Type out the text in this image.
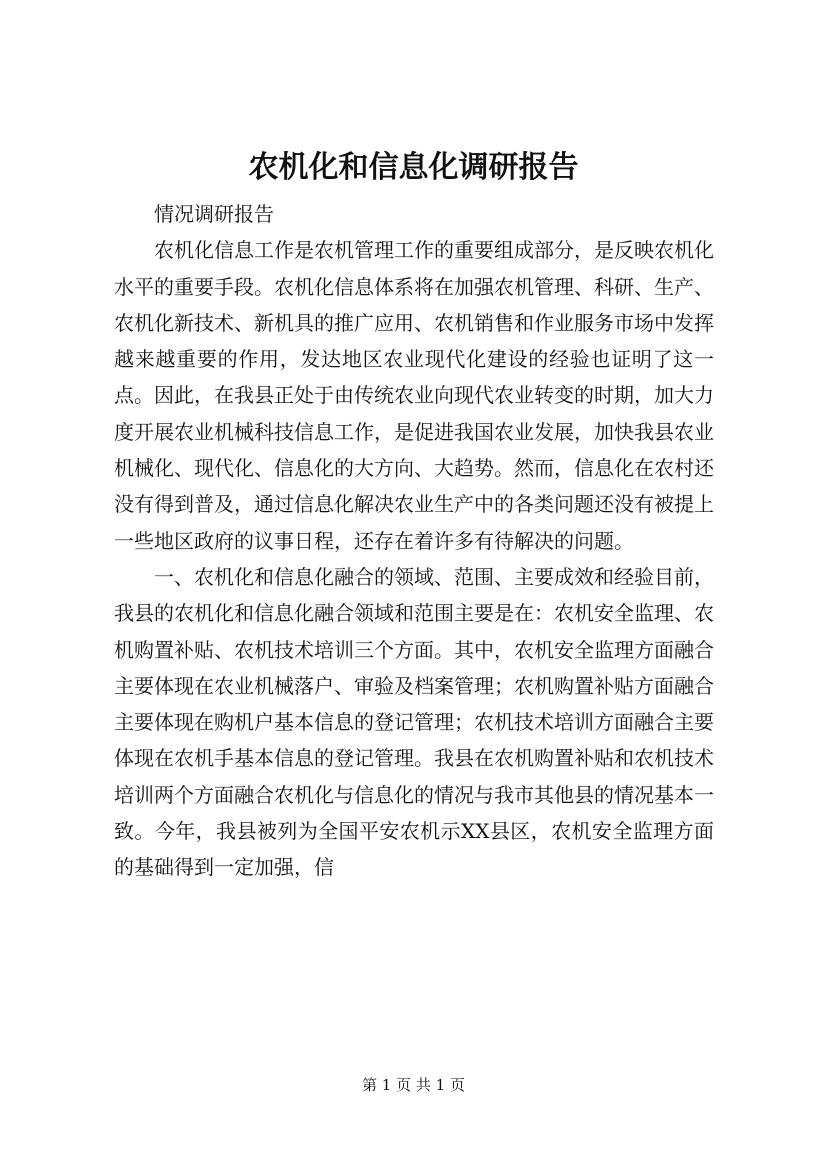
农机化和信息化调研报告

情况调研报告

农机化信息工作是农机管理工作的重要组成部分，是反映农机化水平的重要手段。农机化信息体系将在加强农机管理、科研、生产、农机化新技术、新机具的推广应用、农机销售和作业服务市场中发挥越来越重要的作用，发达地区农业现代化建设的经验也证明了这一点。因此，在我县正处于由传统农业向现代农业转变的时期，加大力度开展农业机械科技信息工作，是促进我国农业发展，加快我县农业机械化、现代化、信息化的大方向、大趋势。然而，信息化在农村还没有得到普及，通过信息化解决农业生产中的各类问题还没有被提上一些地区政府的议事日程，还存在着许多有待解决的问题。

一、农机化和信息化融合的领域、范围、主要成效和经验目前，我县的农机化和信息化融合领域和范围主要是在：农机安全监理、农机购置补贴、农机技术培训三个方面。其中，农机安全监理方面融合主要体现在农业机械落户、审验及档案管理；农机购置补贴方面融合主要体现在购机户基本信息的登记管理；农机技术培训方面融合主要体现在农机手基本信息的登记管理。我县在农机购置补贴和农机技术培训两个方面融合农机化与信息化的情况与我市其他县的情况基本一致。今年，我县被列为全国平安农机示XX县区，农机安全监理方面的基础得到一定加强，信

第 1 页 共 1 页
